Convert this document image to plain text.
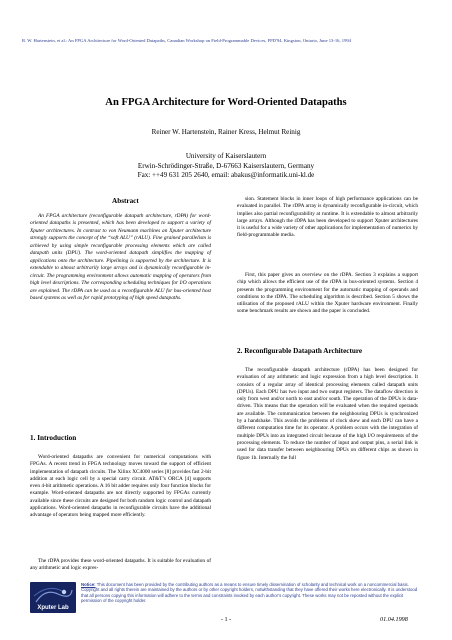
R. W. Hartenstein, et al.: An FPGA Architecture for Word-Oriented Datapaths, Canadian Workshop on Field-Programmable Devices, FPD'94, Kingston, Ontario, June 13-16, 1994
An FPGA Architecture for Word-Oriented Datapaths
Reiner W. Hartenstein, Rainer Kress, Helmut Reinig
University of Kaiserslautern
Erwin-Schrödinger-Straße, D-67663 Kaiserslautern, Germany
Fax: ++49 631 205 2640, email: abakus@informatik.uni-kl.de
Abstract
An FPGA architecture (reconfigurable datapath architecture, rDPA) for word-oriented datapaths is presented, which has been developed to support a variety of Xputer architectures. In contrast to von Neumann machines an Xputer architecture strongly supports the concept of the “soft ALU” (rALU). Fine grained parallelism is achieved by using simple reconfigurable processing elements which are called datapath units (DPU). The word-oriented datapath simplifies the mapping of applications onto the architecture. Pipelining is supported by the architecture. It is extendable to almost arbitrarily large arrays and is dynamically reconfigurable in-circuit. The programming environment allows automatic mapping of operators from high level descriptions. The corresponding scheduling techniques for I/O operations are explained. The rDPA can be used as a reconfigurable ALU for bus-oriented host based systems as well as for rapid prototyping of high speed datapaths.
1. Introduction
Word-oriented datapaths are convenient for numerical computations with FPGAs. A recent trend in FPGA technology moves toward the support of efficient implementation of datapath circuits. The Xilinx XC4000 series [8] provides fast 2-bit addition at each logic cell by a special carry circuit. AT&T’s ORCA [4] supports even 4-bit arithmetic operations. A 16 bit adder requires only four function blocks for example. Word-oriented datapaths are not directly supported by FPGAs currently available since these circuits are designed for both random logic control and datapath applications. Word-oriented datapaths in reconfigurable circuits have the additional advantage of operators being mapped more efficiently.
The rDPA provides these word-oriented datapaths. It is suitable for evaluation of any arithmetic and logic expres-
sion. Statement blocks in inner loops of high performance applications can be evaluated in parallel. The rDPA array is dynamically reconfigurable in-circuit, which implies also partial reconfigurability at runtime. It is extendable to almost arbitrarily large arrays. Although the rDPA has been developed to support Xputer architectures it is useful for a wide variety of other applications for implementation of numerics by field-programmable media.
First, this paper gives an overview on the rDPA. Section 3 explains a support chip which allows the efficient use of the rDPA in bus-oriented systems. Section 4 presents the programming environment for the automatic mapping of operands and conditions to the rDPA. The scheduling algorithm is described. Section 5 shows the utilisation of the proposed rALU within the Xputer hardware environment. Finally some benchmark results are shown and the paper is concluded.
2. Reconfigurable Datapath Architecture
The reconfigurable datapath architecture (rDPA) has been designed for evaluation of any arithmetic and logic expression from a high level description. It consists of a regular array of identical processing elements called datapath units (DPUs). Each DPU has two input and two output registers. The dataflow direction is only from west and/or north to east and/or south. The operation of the DPUs is data-driven. This means that the operation will be evaluated when the required operands are available. The communication between the neighbouring DPUs is synchronized by a handshake. This avoids the problems of clock skew and each DPU can have a different computation time for its operator. A problem occurs with the integration of multiple DPUs into an integrated circuit because of the high I/O requirements of the processing elements. To reduce the number of input and output pins, a serial link is used for data transfer between neighbouring DPUs on different chips as shown in figure 1b. Internally the full
Xputer Lab
Notice: This document has been provided by the contributing authors as a means to ensure timely dissemination of scholarity and technical work on a noncommercial basis. Copyright and all rights therein are maintained by the authors or by other copyright holders, notwithstanding that they have offered their works here electronically. It is understood that all persons copying this information will adhere to the terms and constraints invoked by each author’s copyright. These works may not be reposted without the explicit permission of the copyright holder.
- 1 -	01.04.1998
